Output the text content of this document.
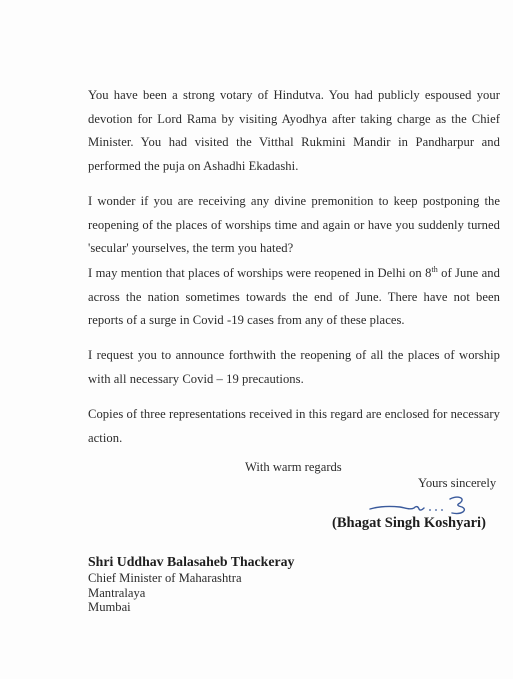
You have been a strong votary of Hindutva. You had publicly espoused your devotion for Lord Rama by visiting Ayodhya after taking charge as the Chief Minister. You had visited the Vitthal Rukmini Mandir in Pandharpur and performed the puja on Ashadhi Ekadashi.

I wonder if you are receiving any divine premonition to keep postponing the reopening of the places of worships time and again or have you suddenly turned 'secular' yourselves, the term you hated?

I may mention that places of worships were reopened in Delhi on 8th of June and across the nation sometimes towards the end of June. There have not been reports of a surge in Covid -19 cases from any of these places.

I request you to announce forthwith the reopening of all the places of worship with all necessary Covid – 19 precautions.

Copies of three representations received in this regard are enclosed for necessary action.

With warm regards
Yours sincerely
(Bhagat Singh Koshyari)
Shri Uddhav Balasaheb Thackeray
Chief Minister of Maharashtra
Mantralaya
Mumbai
